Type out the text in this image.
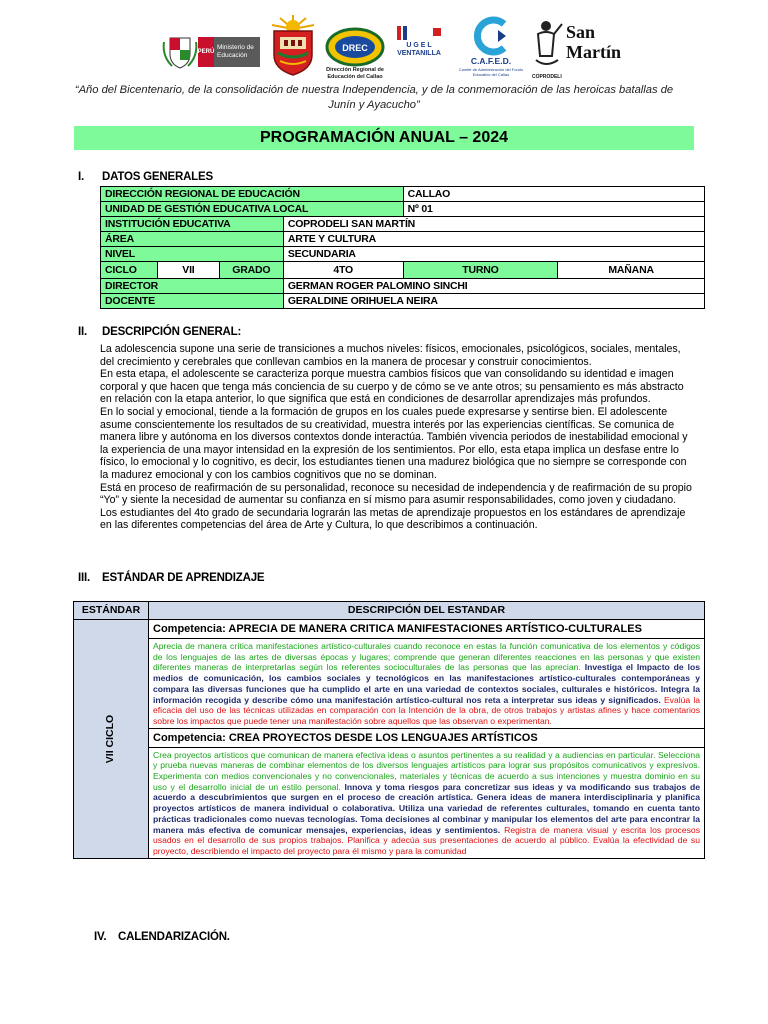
PERÚ
Ministerio de Educación
DREC
Dirección Regional de Educación del Callao
U G E L VENTANILLA
C.A.F.E.D.
Comité de Administración del Fondo Educativo del Callao
San
Martín
COPRODELI
“Año del Bicentenario, de la consolidación de nuestra Independencia, y de la conmemoración de las heroicas batallas de Junín y Ayacucho”
PROGRAMACIÓN ANUAL – 2024
I. DATOS GENERALES
DIRECCIÓN REGIONAL DE EDUCACIÓN				CALLAO	
UNIDAD DE GESTIÓN EDUCATIVA LOCAL				Nº 01	
INSTITUCIÓN EDUCATIVA			COPRODELI SAN MARTÍN		
ÁREA			ARTE Y CULTURA		
NIVEL			SECUNDARIA		
CICLO	VII	GRADO	4TO	TURNO	MAÑANA
DIRECTOR			GERMAN ROGER PALOMINO SINCHI		
DOCENTE			GERALDINE ORIHUELA NEIRA		
II. DESCRIPCIÓN GENERAL:

La adolescencia supone una serie de transiciones a muchos niveles: físicos, emocionales, psicológicos, sociales, mentales, del crecimiento y cerebrales que conllevan cambios en la manera de procesar y construir conocimientos.

En esta etapa, el adolescente se caracteriza porque muestra cambios físicos que van consolidando su identidad e imagen corporal y que hacen que tenga más conciencia de su cuerpo y de cómo se ve ante otros; su pensamiento es más abstracto en relación con la etapa anterior, lo que significa que está en condiciones de desarrollar aprendizajes más profundos.

En lo social y emocional, tiende a la formación de grupos en los cuales puede expresarse y sentirse bien. El adolescente asume conscientemente los resultados de su creatividad, muestra interés por las experiencias científicas. Se comunica de manera libre y autónoma en los diversos contextos donde interactúa. También vivencia periodos de inestabilidad emocional y la experiencia de una mayor intensidad en la expresión de los sentimientos. Por ello, esta etapa implica un desfase entre lo físico, lo emocional y lo cognitivo, es decir, los estudiantes tienen una madurez biológica que no siempre se corresponde con la madurez emocional y con los cambios cognitivos que no se dominan.

Está en proceso de reafirmación de su personalidad, reconoce su necesidad de independencia y de reafirmación de su propio “Yo” y siente la necesidad de aumentar su confianza en sí mismo para asumir responsabilidades, como joven y ciudadano.

Los estudiantes del 4to grado de secundaria lograrán las metas de aprendizaje propuestos en los estándares de aprendizaje en las diferentes competencias del área de Arte y Cultura, lo que describimos a continuación.

III. ESTÁNDAR DE APRENDIZAJE
ESTÁNDAR	DESCRIPCIÓN DEL ESTANDAR

VII CICLO	Competencia: APRECIA DE MANERA CRITICA MANIFESTACIONES ARTÍSTICO-CULTURALES
	Aprecia de manera crítica manifestaciones artístico-culturales cuando reconoce en estas la función comunicativa de los elementos y códigos de los lenguajes de las artes de diversas épocas y lugares; comprende que generan diferentes reacciones en las personas y que existen diferentes maneras de interpretarlas según los referentes socioculturales de las personas que las aprecian. Investiga el Impacto de los medios de comunicación, los cambios sociales y tecnológicos en las manifestaciones artístico-culturales contemporáneas y compara las diversas funciones que ha cumplido el arte en una variedad de contextos sociales, culturales e históricos. Integra la información recogida y describe cómo una manifestación artístico-cultural nos reta a interpretar sus ideas y significados. Evalúa la eficacia del uso de las técnicas utilizadas en comparación con la Intención de la obra, de otros trabajos y artistas afines y hace comentarios sobre los impactos que puede tener una manifestación sobre aquellos que las observan o experimentan.
	Competencia: CREA PROYECTOS DESDE LOS LENGUAJES ARTÍSTICOS
	Crea proyectos artísticos que comunican de manera efectiva ideas o asuntos pertinentes a su realidad y a audiencias en particular. Selecciona y prueba nuevas maneras de combinar elementos de los diversos lenguajes artísticos para lograr sus propósitos comunicativos y expresivos. Experimenta con medios convencionales y no convencionales, materiales y técnicas de acuerdo a sus intenciones y muestra dominio en su uso y el desarrollo inicial de un estilo personal. Innova y toma riesgos para concretizar sus ideas y va modificando sus trabajos de acuerdo a descubrimientos que surgen en el proceso de creación artística. Genera ideas de manera interdisciplinaria y planifica proyectos artísticos de manera individual o colaborativa. Utiliza una variedad de referentes culturales, tomando en cuenta tanto prácticas tradicionales como nuevas tecnologías. Toma decisiones al combinar y manipular los elementos del arte para encontrar la manera más efectiva de comunicar mensajes, experiencias, ideas y sentimientos. Registra de manera visual y escrita los procesos usados en el desarrollo de sus propios trabajos. Planifica y adecúa sus presentaciones de acuerdo al público. Evalúa la efectividad de su proyecto, describiendo el impacto del proyecto para él mismo y para la comunidad
IV. CALENDARIZACIÓN.
